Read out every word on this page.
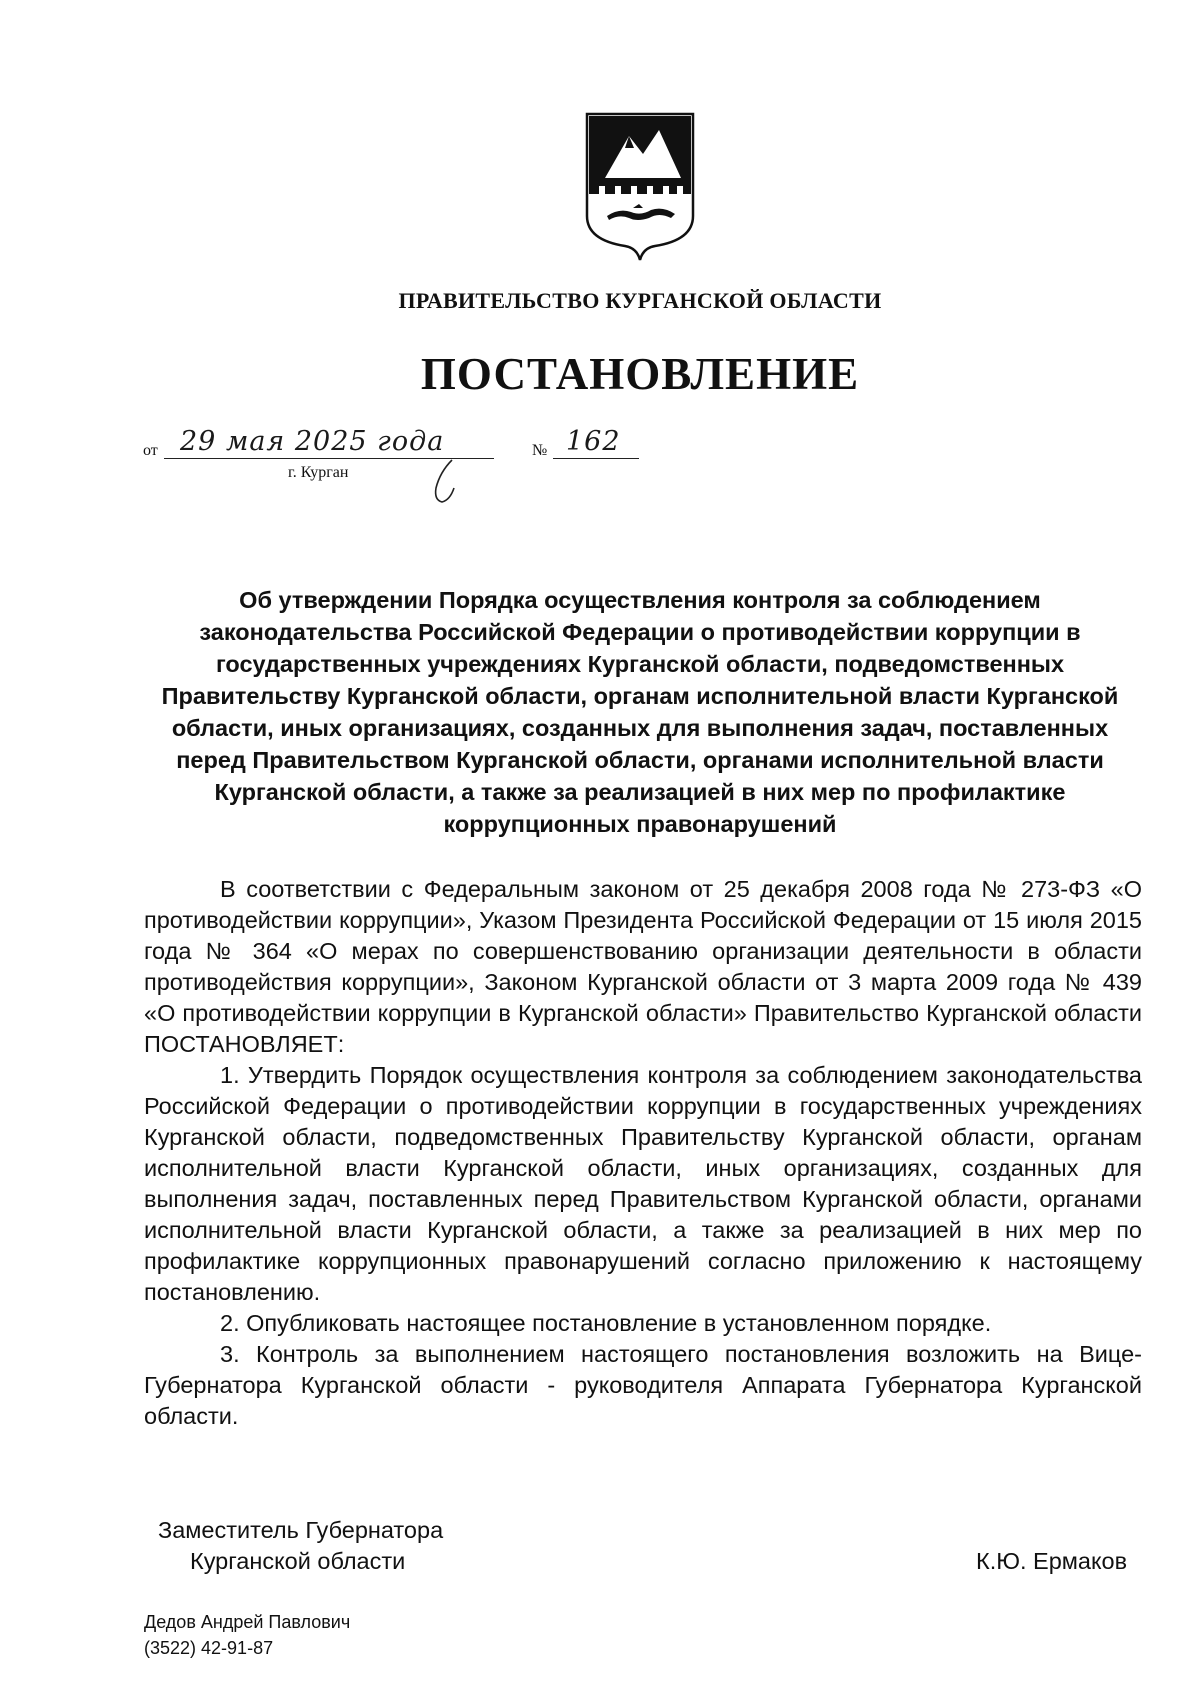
ПРАВИТЕЛЬСТВО КУРГАНСКОЙ ОБЛАСТИ
ПОСТАНОВЛЕНИЕ
от 29 мая 2025 года	№ 162
г. Курган

Об утверждении Порядка осуществления контроля за соблюдением законодательства Российской Федерации о противодействии коррупции в государственных учреждениях Курганской области, подведомственных Правительству Курганской области, органам исполнительной власти Курганской области, иных организациях, созданных для выполнения задач, поставленных перед Правительством Курганской области, органами исполнительной власти Курганской области, а также за реализацией в них мер по профилактике коррупционных правонарушений

В соответствии с Федеральным законом от 25 декабря 2008 года № 273-ФЗ «О противодействии коррупции», Указом Президента Российской Федерации от 15 июля 2015 года № 364 «О мерах по совершенствованию организации деятельности в области противодействия коррупции», Законом Курганской области от 3 марта 2009 года № 439 «О противодействии коррупции в Курганской области» Правительство Курганской области ПОСТАНОВЛЯЕТ:

1. Утвердить Порядок осуществления контроля за соблюдением законодательства Российской Федерации о противодействии коррупции в государственных учреждениях Курганской области, подведомственных Правительству Курганской области, органам исполнительной власти Курганской области, иных организациях, созданных для выполнения задач, поставленных перед Правительством Курганской области, органами исполнительной власти Курганской области, а также за реализацией в них мер по профилактике коррупционных правонарушений согласно приложению к настоящему постановлению.

2. Опубликовать настоящее постановление в установленном порядке.

3. Контроль за выполнением настоящего постановления возложить на Вице-Губернатора Курганской области - руководителя Аппарата Губернатора Курганской области.

Заместитель Губернатора
Курганской области	К.Ю. Ермаков
Дедов Андрей Павлович
(3522) 42-91-87
